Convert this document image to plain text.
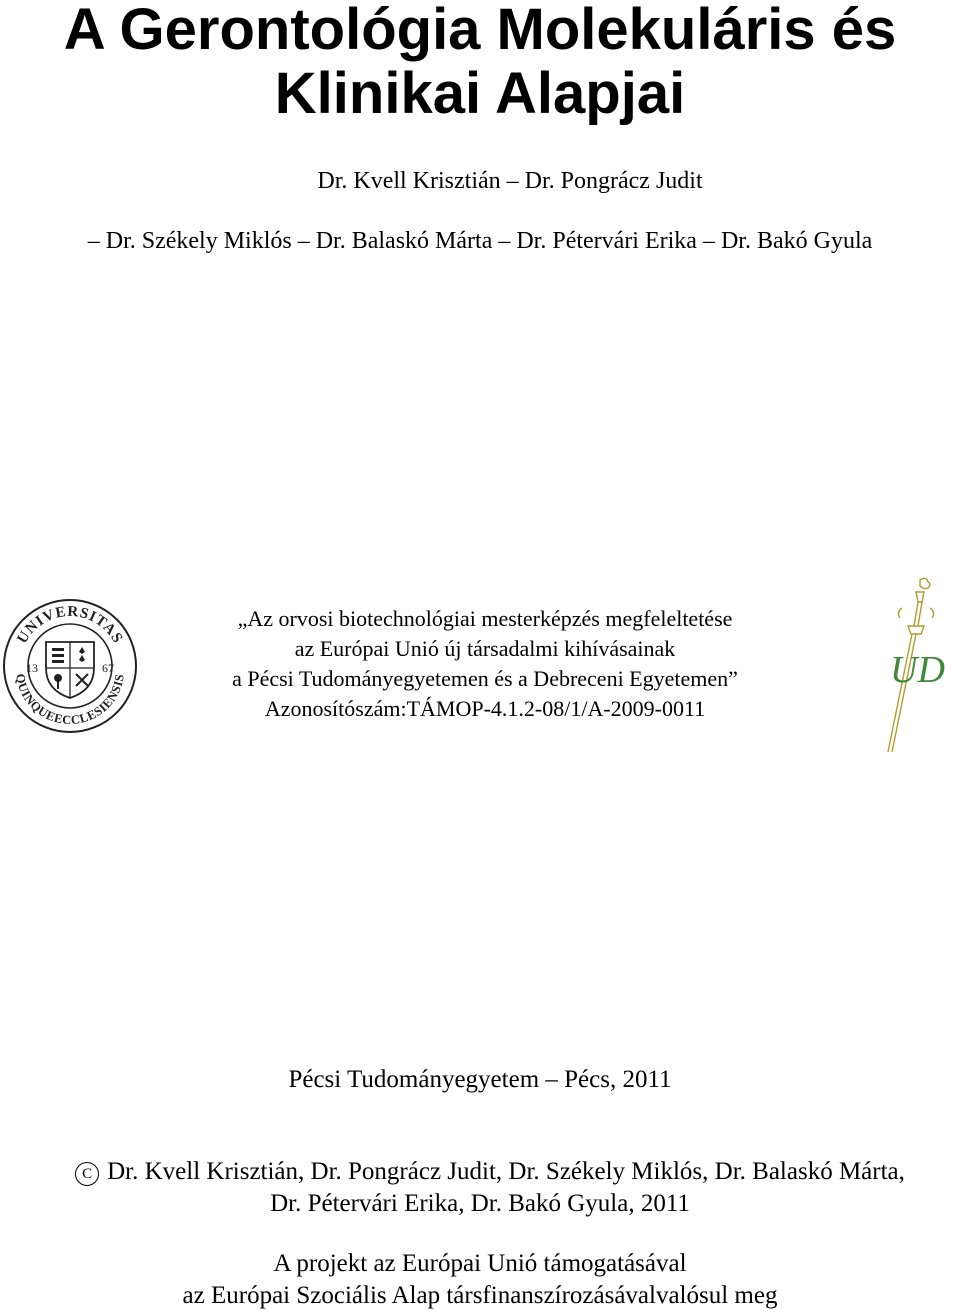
A Gerontológia Molekuláris és
Klinikai Alapjai
Dr. Kvell Krisztián – Dr. Pongrácz Judit
– Dr. Székely Miklós – Dr. Balaskó Márta – Dr. Pétervári Erika – Dr. Bakó Gyula
UNIVERSITAS
QUINQUEECCLESIENSIS
13	67	UD
„Az orvosi biotechnológiai mesterképzés megfeleltetése
az Európai Unió új társadalmi kihívásainak
a Pécsi Tudományegyetemen és a Debreceni Egyetemen”
Azonosítószám:TÁMOP-4.1.2-08/1/A-2009-0011
Pécsi Tudományegyetem – Pécs, 2011
C Dr. Kvell Krisztián, Dr. Pongrácz Judit, Dr. Székely Miklós, Dr. Balaskó Márta,
Dr. Pétervári Erika, Dr. Bakó Gyula, 2011
A projekt az Európai Unió támogatásával
az Európai Szociális Alap társfinanszírozásávalvalósul meg
